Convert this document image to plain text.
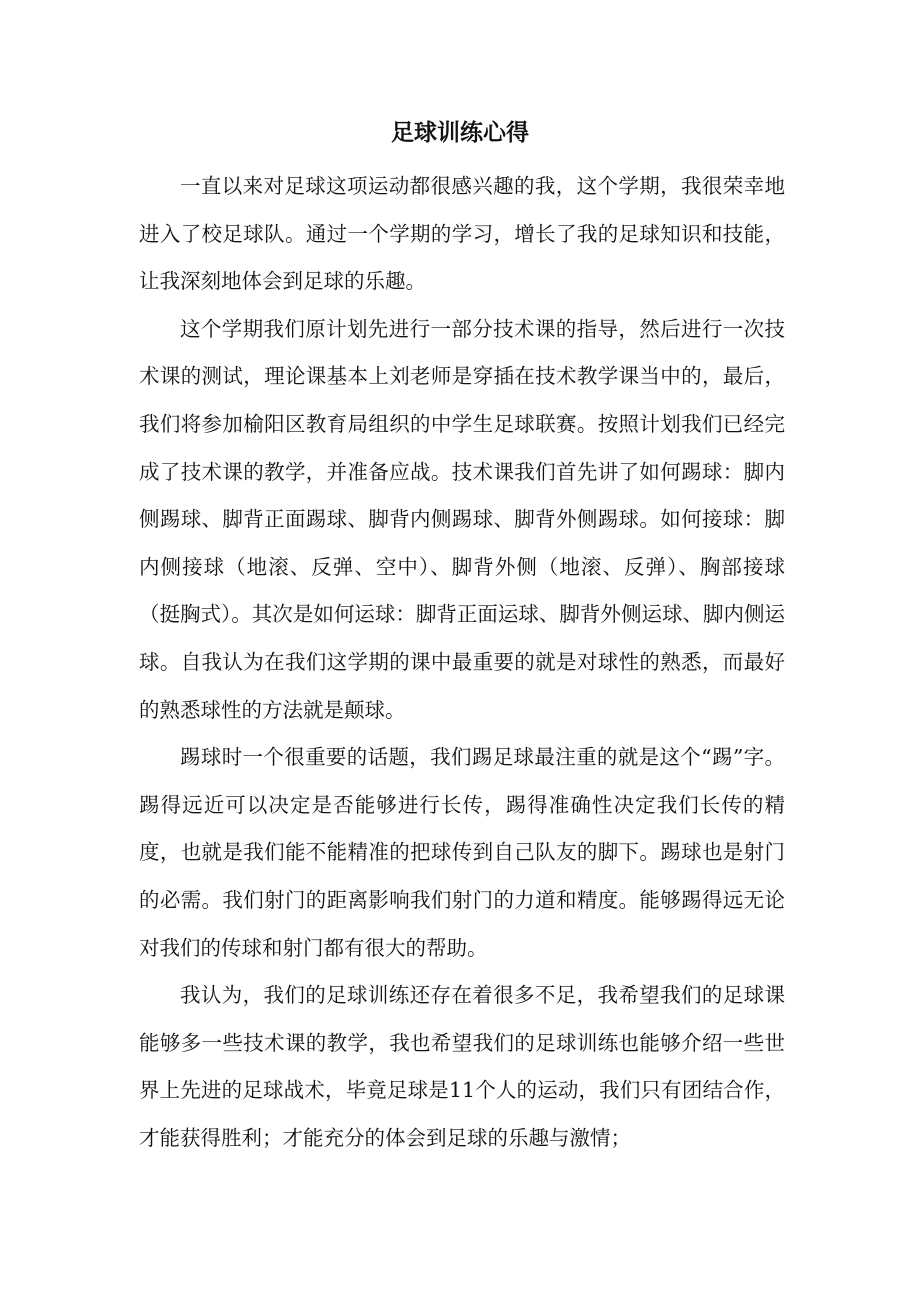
足球训练心得

一直以来对足球这项运动都很感兴趣的我，这个学期，我很荣幸地进入了校足球队。通过一个学期的学习，增长了我的足球知识和技能，让我深刻地体会到足球的乐趣。

这个学期我们原计划先进行一部分技术课的指导，然后进行一次技术课的测试，理论课基本上刘老师是穿插在技术教学课当中的，最后，我们将参加榆阳区教育局组织的中学生足球联赛。按照计划我们已经完成了技术课的教学，并准备应战。技术课我们首先讲了如何踢球：脚内侧踢球、脚背正面踢球、脚背内侧踢球、脚背外侧踢球。如何接球：脚内侧接球（地滚、反弹、空中）、脚背外侧（地滚、反弹）、胸部接球（挺胸式）。其次是如何运球：脚背正面运球、脚背外侧运球、脚内侧运球。自我认为在我们这学期的课中最重要的就是对球性的熟悉，而最好的熟悉球性的方法就是颠球。

踢球时一个很重要的话题，我们踢足球最注重的就是这个“踢”字。踢得远近可以决定是否能够进行长传，踢得准确性决定我们长传的精度，也就是我们能不能精准的把球传到自己队友的脚下。踢球也是射门的必需。我们射门的距离影响我们射门的力道和精度。能够踢得远无论对我们的传球和射门都有很大的帮助。

我认为，我们的足球训练还存在着很多不足，我希望我们的足球课能够多一些技术课的教学，我也希望我们的足球训练也能够介绍一些世界上先进的足球战术，毕竟足球是11个人的运动，我们只有团结合作，才能获得胜利；才能充分的体会到足球的乐趣与激情；
